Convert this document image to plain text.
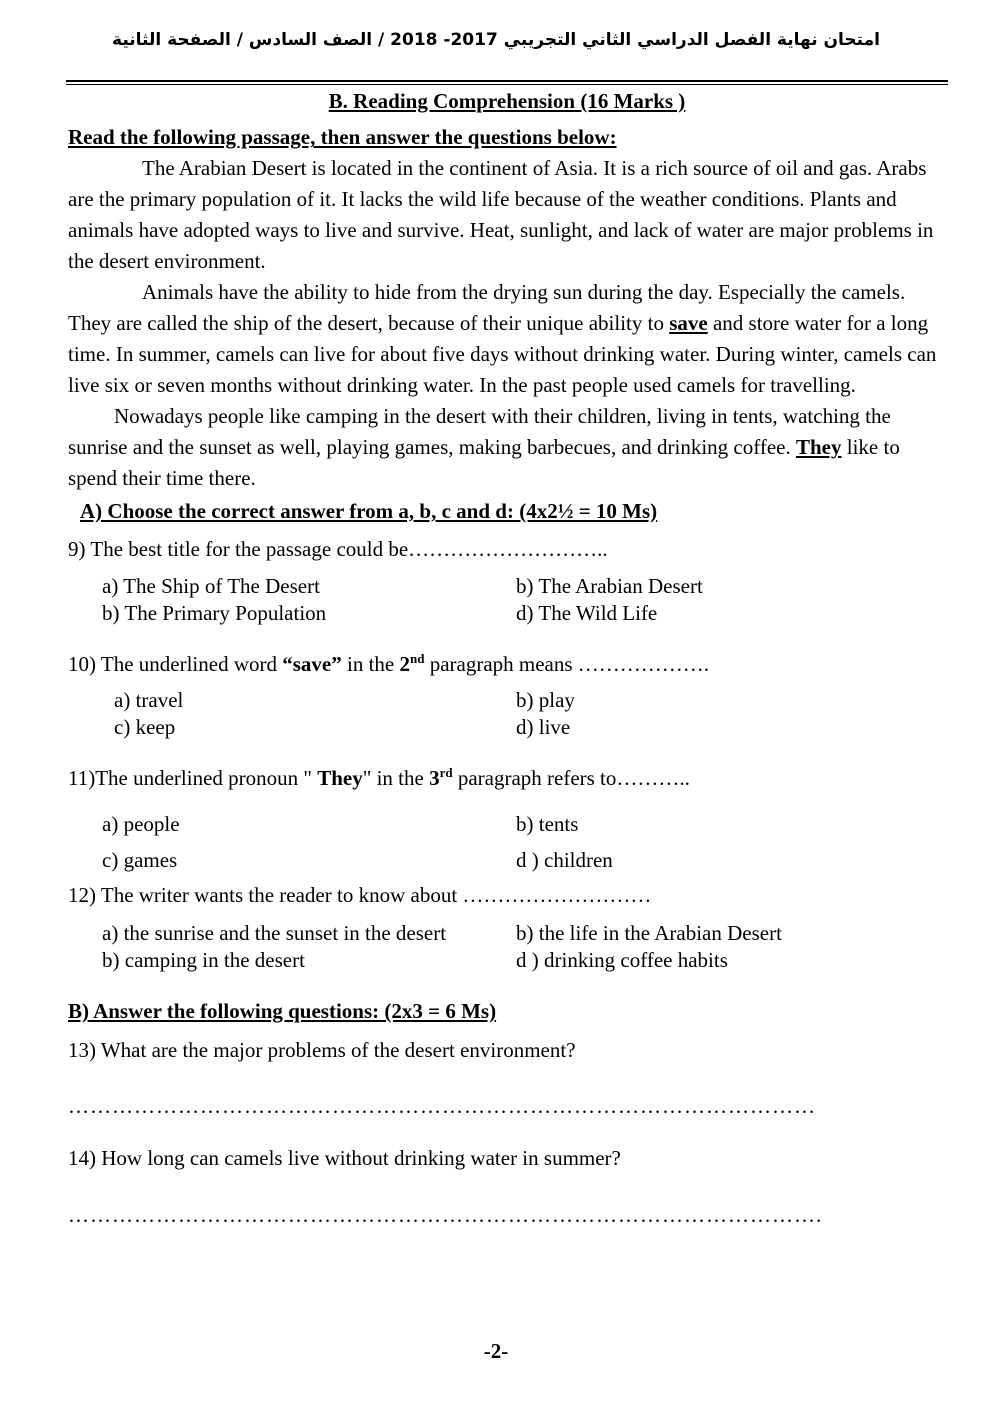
امتحان نهاية الفصل الدراسي الثاني التجريبي 2017- 2018 / الصف السادس / الصفحة الثانية

B. Reading Comprehension (16 Marks )

Read the following passage, then answer the questions below:

The Arabian Desert is located in the continent of Asia. It is a rich source of oil and gas. Arabs are the primary population of it. It lacks the wild life because of the weather conditions. Plants and animals have adopted ways to live and survive. Heat, sunlight, and lack of water are major problems in the desert environment.

Animals have the ability to hide from the drying sun during the day. Especially the camels. They are called the ship of the desert, because of their unique ability to save and store water for a long time. In summer, camels can live for about five days without drinking water. During winter, camels can live six or seven months without drinking water. In the past people used camels for travelling.

Nowadays people like camping in the desert with their children, living in tents, watching the sunrise and the sunset as well, playing games, making barbecues, and drinking coffee. They like to spend their time there.

A) Choose the correct answer from a, b, c and d: (4x2½ = 10 Ms)

9) The best title for the passage could be………………………..
a) The Ship of The Desert	b) The Arabian Desert
b) The Primary Population	d) The Wild Life
10) The underlined word “save” in the 2nd paragraph means ……………….
a) travel	b) play
c) keep	d) live
11)The underlined pronoun " They" in the 3rd paragraph refers to………..
a) people	b) tents
c) games	d ) children
12) The writer wants the reader to know about ………………………
a) the sunrise and the sunset in the desert	b) the life in the Arabian Desert
b) camping in the desert	d ) drinking coffee habits

B) Answer the following questions: (2x3 = 6 Ms)

13) What are the major problems of the desert environment?
…………………………………………………………………………………………
14) How long can camels live without drinking water in summer?
………………………………………………………………………………………….
-2-
